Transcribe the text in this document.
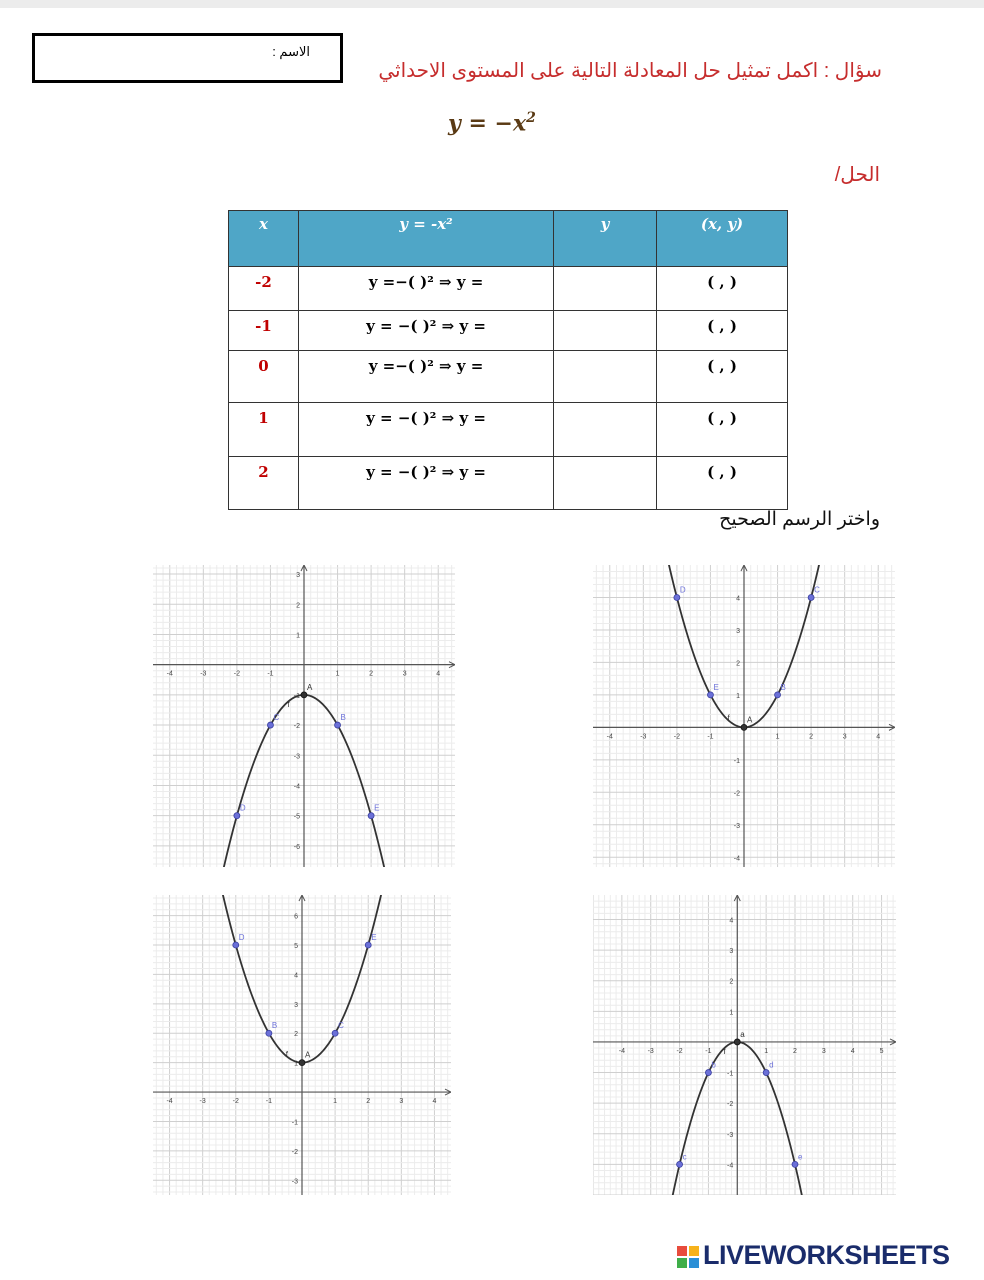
الاسم :
سؤال : اكمل تمثيل حل المعادلة التالية على المستوى الاحداثي
$y = -x^2$
الحل/
x	y = -x²	y	(x, y)
-2	y =−( )² ⇒ y =		( , )
-1	y = −( )² ⇒ y =		( , )
0	y =−( )² ⇒ y =		( , )
1	y = −( )² ⇒ y =		( , )
2	y = −( )² ⇒ y =		( , )
واختر الرسم الصحيح
-4	-3	-2	-1	1	2	3	4
3
2
1
-1
-2
-3
-4
-5
-6
f
A
B
C
D	E
-4	-3	-2	-1	1	2	3	4
4
3
2
1
-1
-2
-3
-4
f A
B
E
C
D
-4	-3	-2	-1	1	2	3	4
6
5
4
3
2
1
-1
-2
-3
f A
B	C
D	E
-4	-3	-2	-1	1	2	3	4	5
4
3
2
1
-1
-2
-3
-4
f
a
d
b
c	e
LIVEWORKSHEETS
